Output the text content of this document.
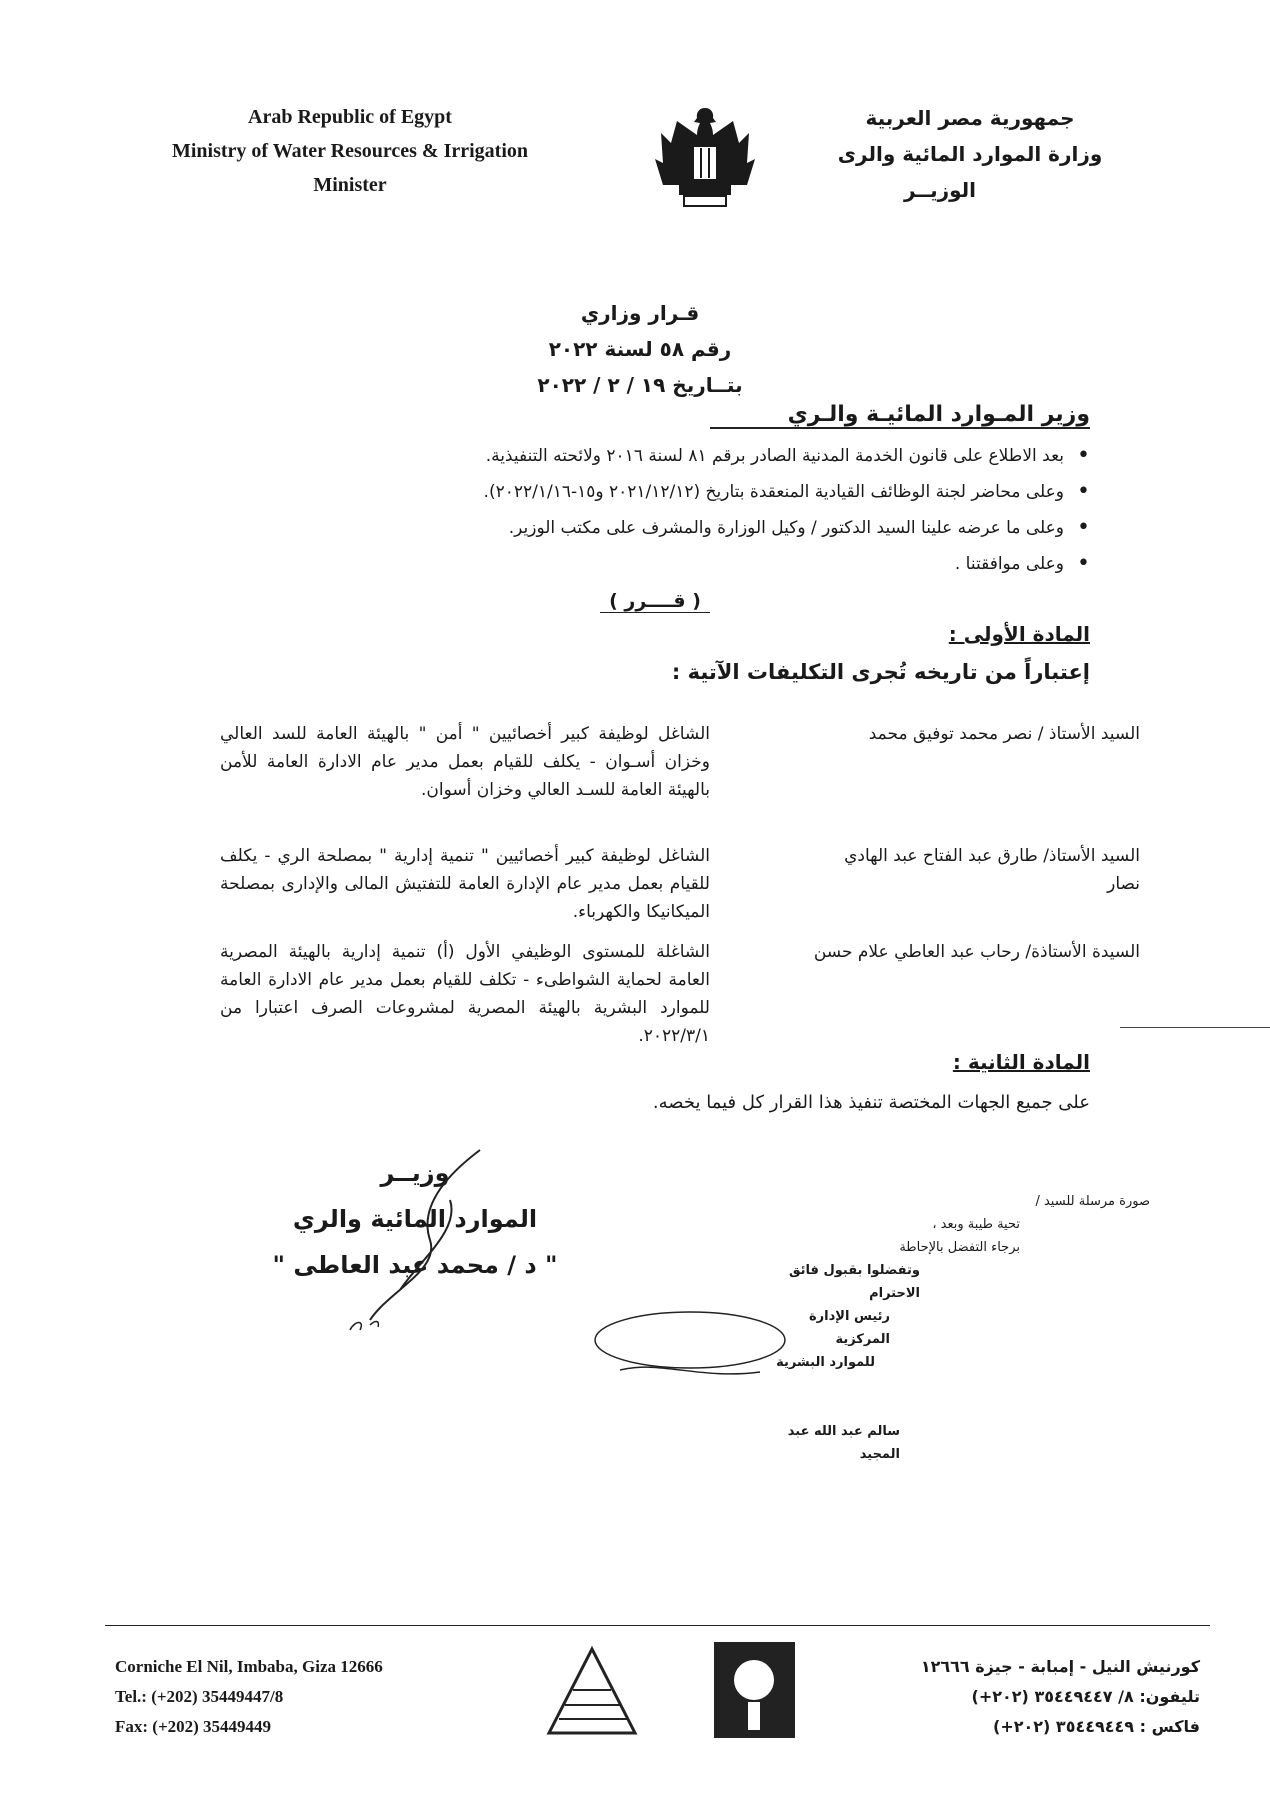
Arab Republic of Egypt
Ministry of Water Resources & Irrigation
Minister
جمهورية مصر العربية
وزارة الموارد المائية والرى
الوزيــر
قـرار وزاري
رقم ٥٨ لسنة ٢٠٢٢
بتــاريخ ١٩ / ٢ / ٢٠٢٢
وزير المـوارد المائيـة والـري
• بعد الاطلاع على قانون الخدمة المدنية الصادر برقم ٨١ لسنة ٢٠١٦ ولائحته التنفيذية.
• وعلى محاضر لجنة الوظائف القيادية المنعقدة بتاريخ (٢٠٢١/١٢/١٢ و١٥-٢٠٢٢/١/١٦).
• وعلى ما عرضه علينا السيد الدكتور / وكيل الوزارة والمشرف على مكتب الوزير.
• وعلى موافقتنا .
( قــــرر )
المادة الأولى :
إعتباراً من تاريخه تُجرى التكليفات الآتية :
السيد الأستاذ / نصر محمد توفيق محمد
الشاغل لوظيفة كبير أخصائيين " أمن " بالهيئة العامة للسد العالي وخزان أسـوان - يكلف للقيام بعمل مدير عام الادارة العامة للأمن بالهيئة العامة للسـد العالي وخزان أسوان.
السيد الأستاذ/ طارق عبد الفتاح عبد الهادي نصار
الشاغل لوظيفة كبير أخصائيين " تنمية إدارية " بمصلحة الري - يكلف للقيام بعمل مدير عام الإدارة العامة للتفتيش المالى والإدارى بمصلحة الميكانيكا والكهرباء.
السيدة الأستاذة/ رحاب عبد العاطي علام حسن
الشاغلة للمستوى الوظيفي الأول (أ) تنمية إدارية بالهيئة المصرية العامة لحماية الشواطىء - تكلف للقيام بعمل مدير عام الادارة العامة للموارد البشرية بالهيئة المصرية لمشروعات الصرف اعتبارا من ٢٠٢٢/٣/١.
المادة الثانية :
على جميع الجهات المختصة تنفيذ هذا القرار كل فيما يخصه.
وزيــر
الموارد المائية والري
" د / محمد عبد العاطى "
صورة مرسلة للسيد /
تحية طيبة وبعد ،
برجاء التفضل بالإحاطة
وتفضلوا بقبول فائق الاحترام
رئيس الإدارة المركزية
للموارد البشرية
سالم عبد الله عبد المجيد
Corniche El Nil, Imbaba, Giza 12666
Tel.: (+202) 35449447/8
Fax: (+202) 35449449
كورنيش النيل - إمبابة - جيزة ١٢٦٦٦
تليفون: ٨/ ٣٥٤٤٩٤٤٧ (٢٠٢+)
فاكس : ٣٥٤٤٩٤٤٩ (٢٠٢+)
